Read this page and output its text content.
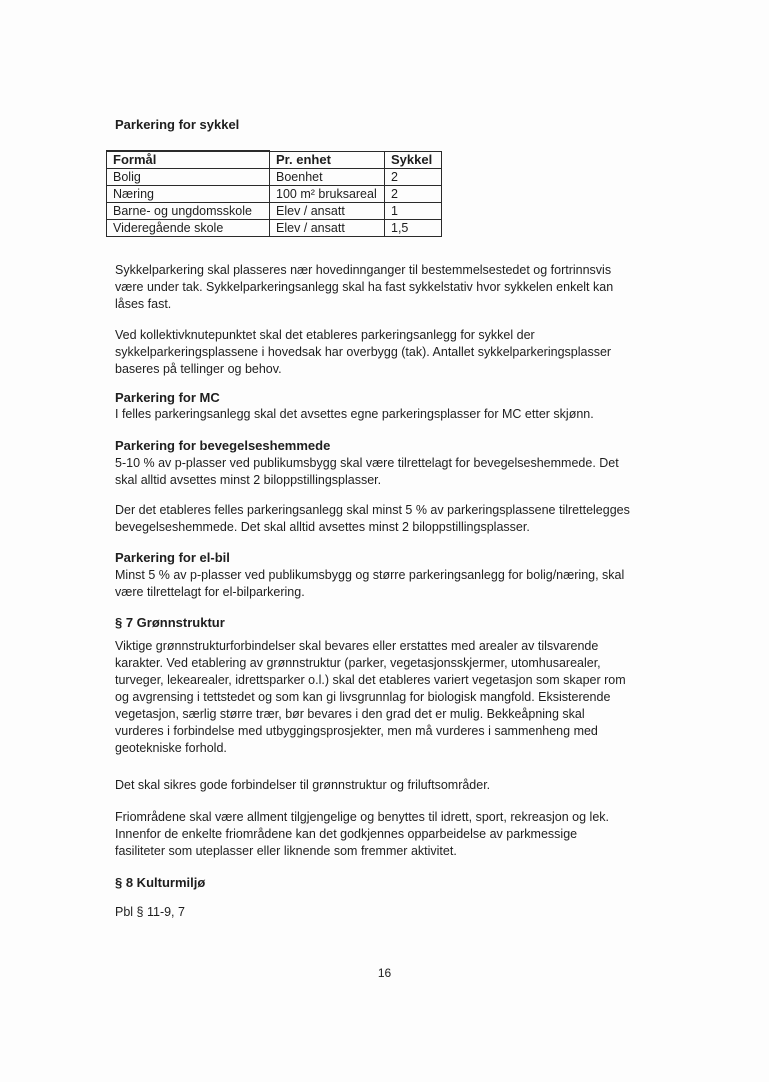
Parkering for sykkel
Formål	Pr. enhet	Sykkel
Bolig	Boenhet	2
Næring	100 m² bruksareal	2
Barne- og ungdomsskole	Elev / ansatt	1
Videregående skole	Elev / ansatt	1,5
Sykkelparkering skal plasseres nær hovedinnganger til bestemmelsestedet og fortrinnsvis
være under tak. Sykkelparkeringsanlegg skal ha fast sykkelstativ hvor sykkelen enkelt kan
låses fast.
Ved kollektivknutepunktet skal det etableres parkeringsanlegg for sykkel der
sykkelparkeringsplassene i hovedsak har overbygg (tak). Antallet sykkelparkeringsplasser
baseres på tellinger og behov.
Parkering for MC
I felles parkeringsanlegg skal det avsettes egne parkeringsplasser for MC etter skjønn.
Parkering for bevegelseshemmede
5-10 % av p-plasser ved publikumsbygg skal være tilrettelagt for bevegelseshemmede. Det
skal alltid avsettes minst 2 biloppstillingsplasser.
Der det etableres felles parkeringsanlegg skal minst 5 % av parkeringsplassene tilrettelegges
bevegelseshemmede. Det skal alltid avsettes minst 2 biloppstillingsplasser.
Parkering for el-bil
Minst 5 % av p-plasser ved publikumsbygg og større parkeringsanlegg for bolig/næring, skal
være tilrettelagt for el-bilparkering.
§ 7 Grønnstruktur
Viktige grønnstrukturforbindelser skal bevares eller erstattes med arealer av tilsvarende
karakter. Ved etablering av grønnstruktur (parker, vegetasjonsskjermer, utomhusarealer,
turveger, lekearealer, idrettsparker o.l.) skal det etableres variert vegetasjon som skaper rom
og avgrensing i tettstedet og som kan gi livsgrunnlag for biologisk mangfold. Eksisterende
vegetasjon, særlig større trær, bør bevares i den grad det er mulig. Bekkeåpning skal
vurderes i forbindelse med utbyggingsprosjekter, men må vurderes i sammenheng med
geotekniske forhold.
Det skal sikres gode forbindelser til grønnstruktur og friluftsområder.
Friområdene skal være allment tilgjengelige og benyttes til idrett, sport, rekreasjon og lek.
Innenfor de enkelte friområdene kan det godkjennes opparbeidelse av parkmessige
fasiliteter som uteplasser eller liknende som fremmer aktivitet.
§ 8 Kulturmiljø
Pbl § 11-9, 7
16
